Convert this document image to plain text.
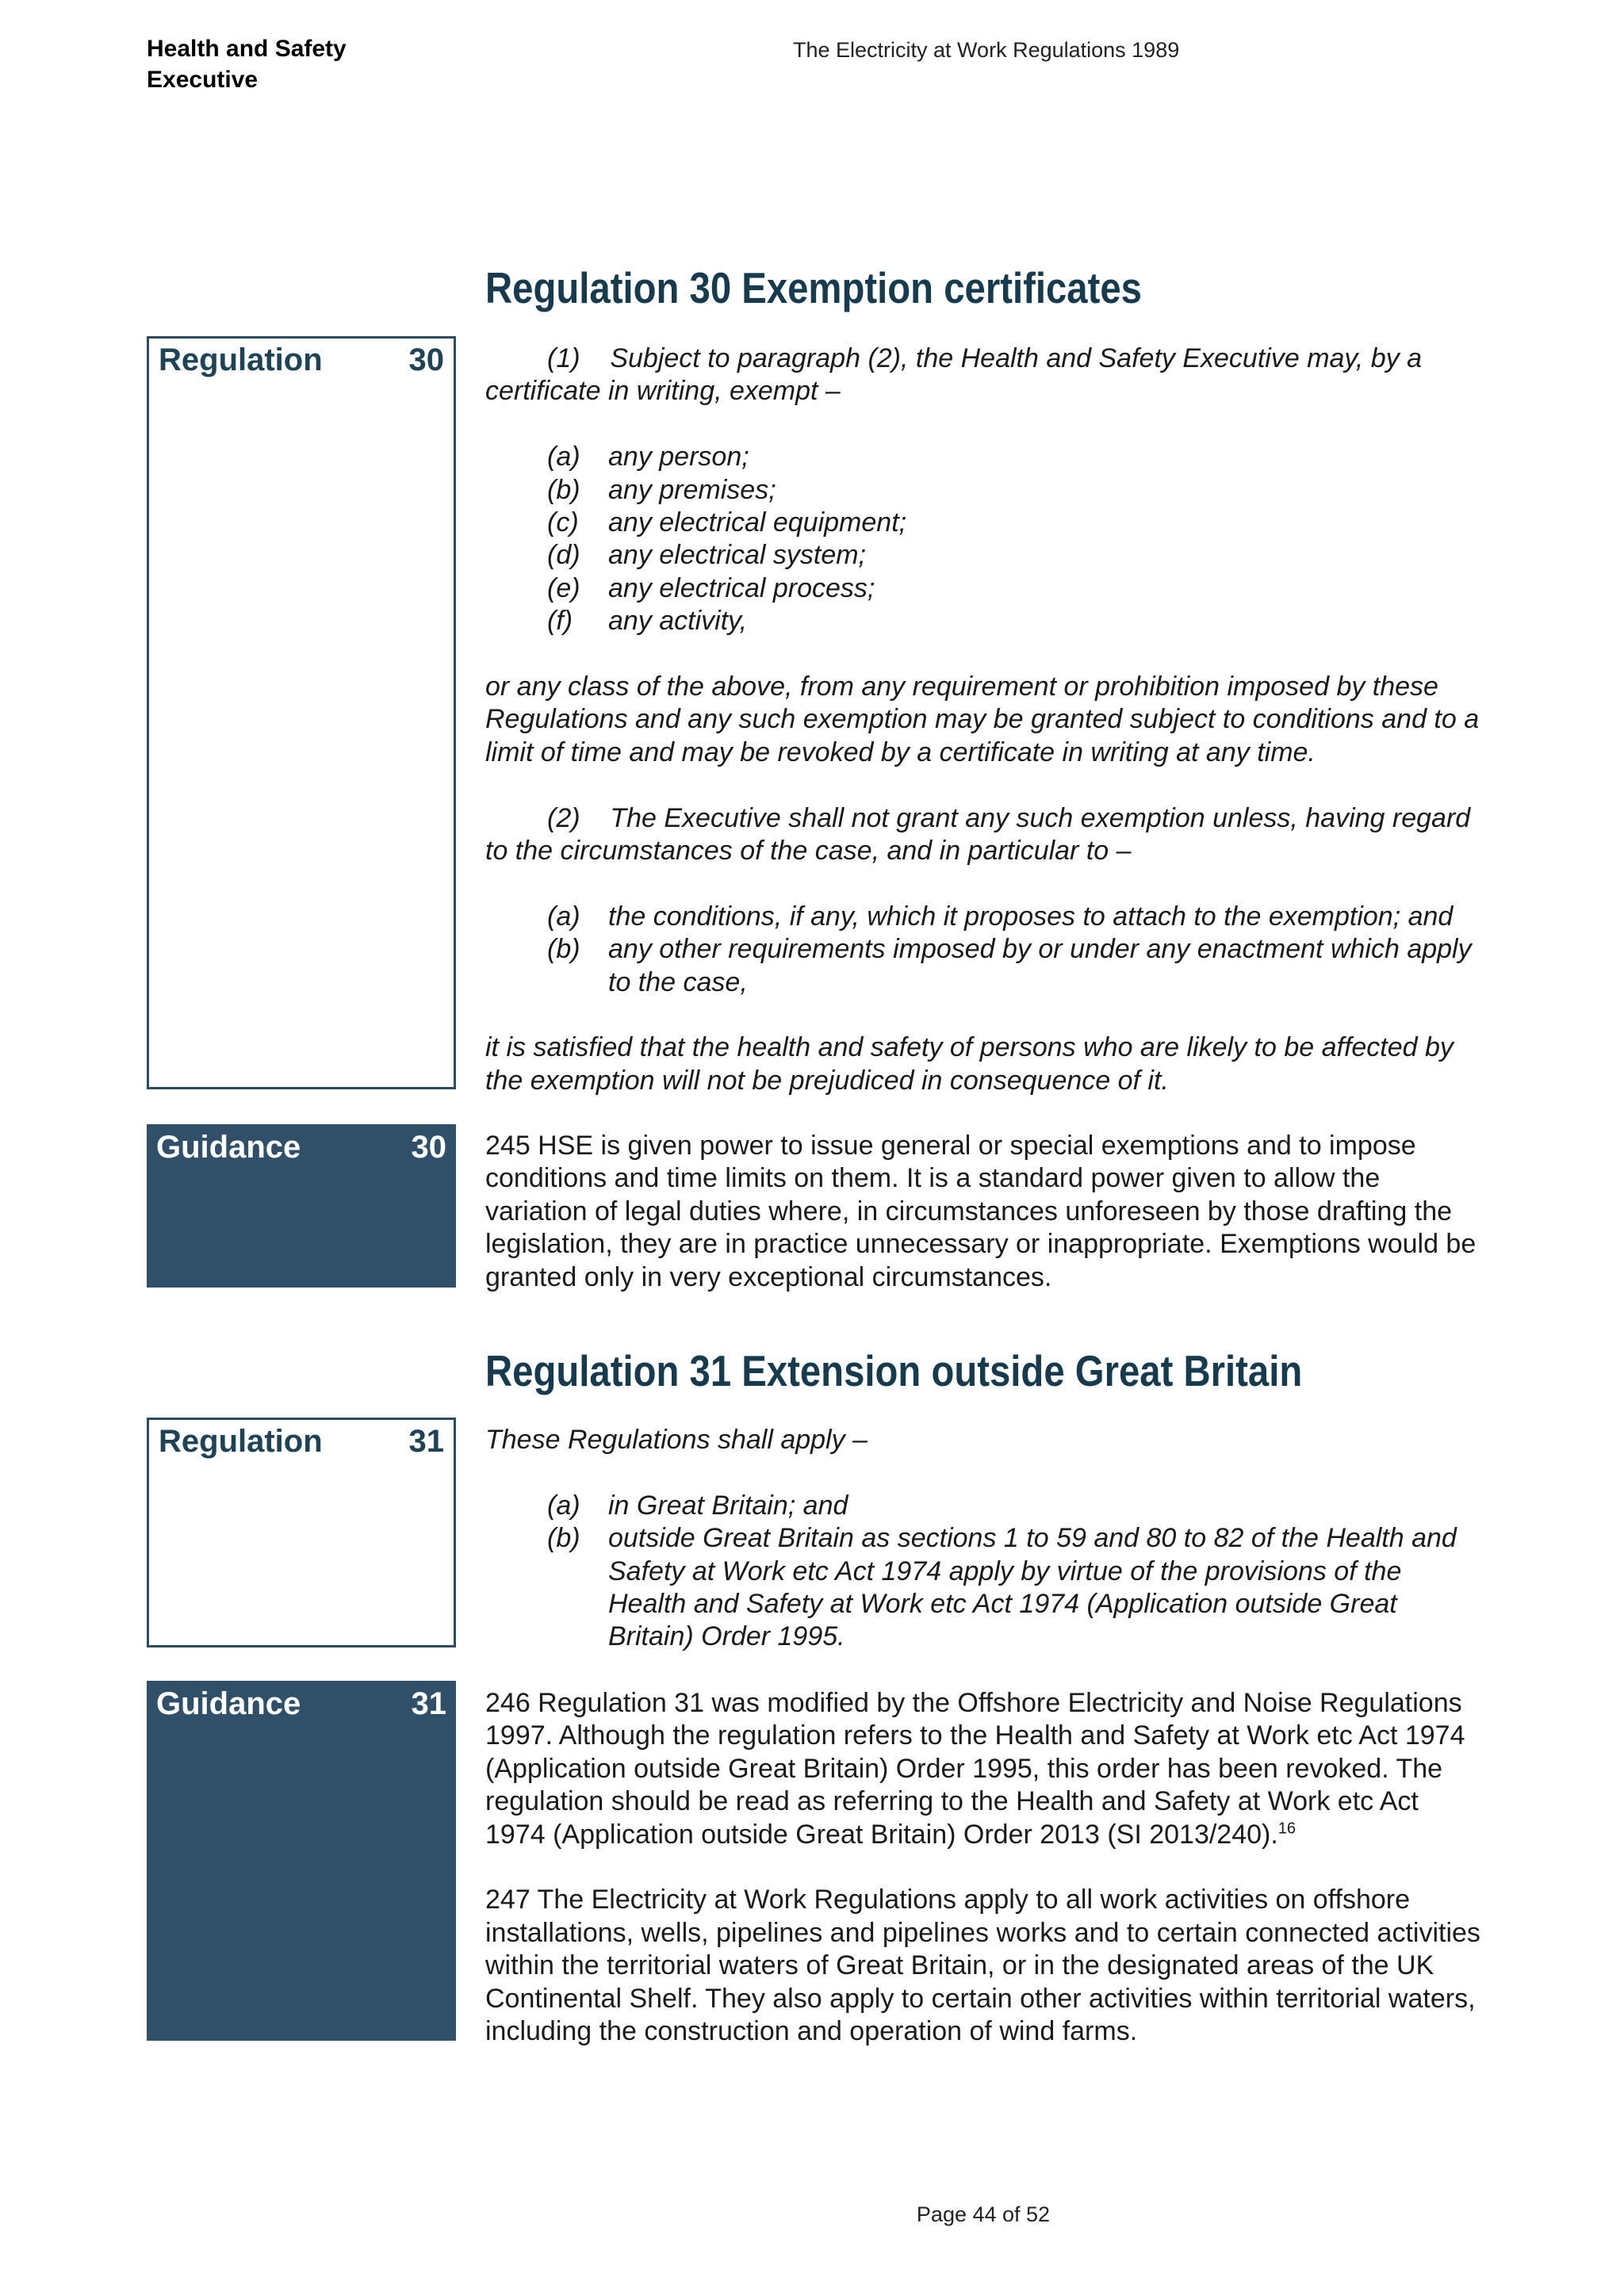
Health and Safety Executive
The Electricity at Work Regulations 1989
Regulation 30 Exemption certificates
Regulation	30	(1)    Subject to paragraph (2), the Health and Safety Executive may, by a certificate in writing, exempt –

(a) any person;
(b) any premises;
(c) any electrical equipment;
(d) any electrical system;
(e) any electrical process;
(f) any activity,

or any class of the above, from any requirement or prohibition imposed by these Regulations and any such exemption may be granted subject to conditions and to a limit of time and may be revoked by a certificate in writing at any time.

(2)    The Executive shall not grant any such exemption unless, having regard to the circumstances of the case, and in particular to –

(a) the conditions, if any, which it proposes to attach to the exemption; and
(b) any other requirements imposed by or under any enactment which apply to the case,

it is satisfied that the health and safety of persons who are likely to be affected by the exemption will not be prejudiced in consequence of it.

Guidance	30 245 HSE is given power to issue general or special exemptions and to impose conditions and time limits on them. It is a standard power given to allow the variation of legal duties where, in circumstances unforeseen by those drafting the legislation, they are in practice unnecessary or inappropriate. Exemptions would be granted only in very exceptional circumstances.

Regulation 31 Extension outside Great Britain
Regulation	31 These Regulations shall apply –

(a) in Great Britain; and
(b) outside Great Britain as sections 1 to 59 and 80 to 82 of the Health and Safety at Work etc Act 1974 apply by virtue of the provisions of the Health and Safety at Work etc Act 1974 (Application outside Great Britain) Order 1995.
Guidance	31 246 Regulation 31 was modified by the Offshore Electricity and Noise Regulations 1997. Although the regulation refers to the Health and Safety at Work etc Act 1974 (Application outside Great Britain) Order 1995, this order has been revoked. The regulation should be read as referring to the Health and Safety at Work etc Act 1974 (Application outside Great Britain) Order 2013 (SI 2013/240).$^{16}$

247 The Electricity at Work Regulations apply to all work activities on offshore installations, wells, pipelines and pipelines works and to certain connected activities within the territorial waters of Great Britain, or in the designated areas of the UK Continental Shelf. They also apply to certain other activities within territorial waters, including the construction and operation of wind farms.

Page 44 of 52
